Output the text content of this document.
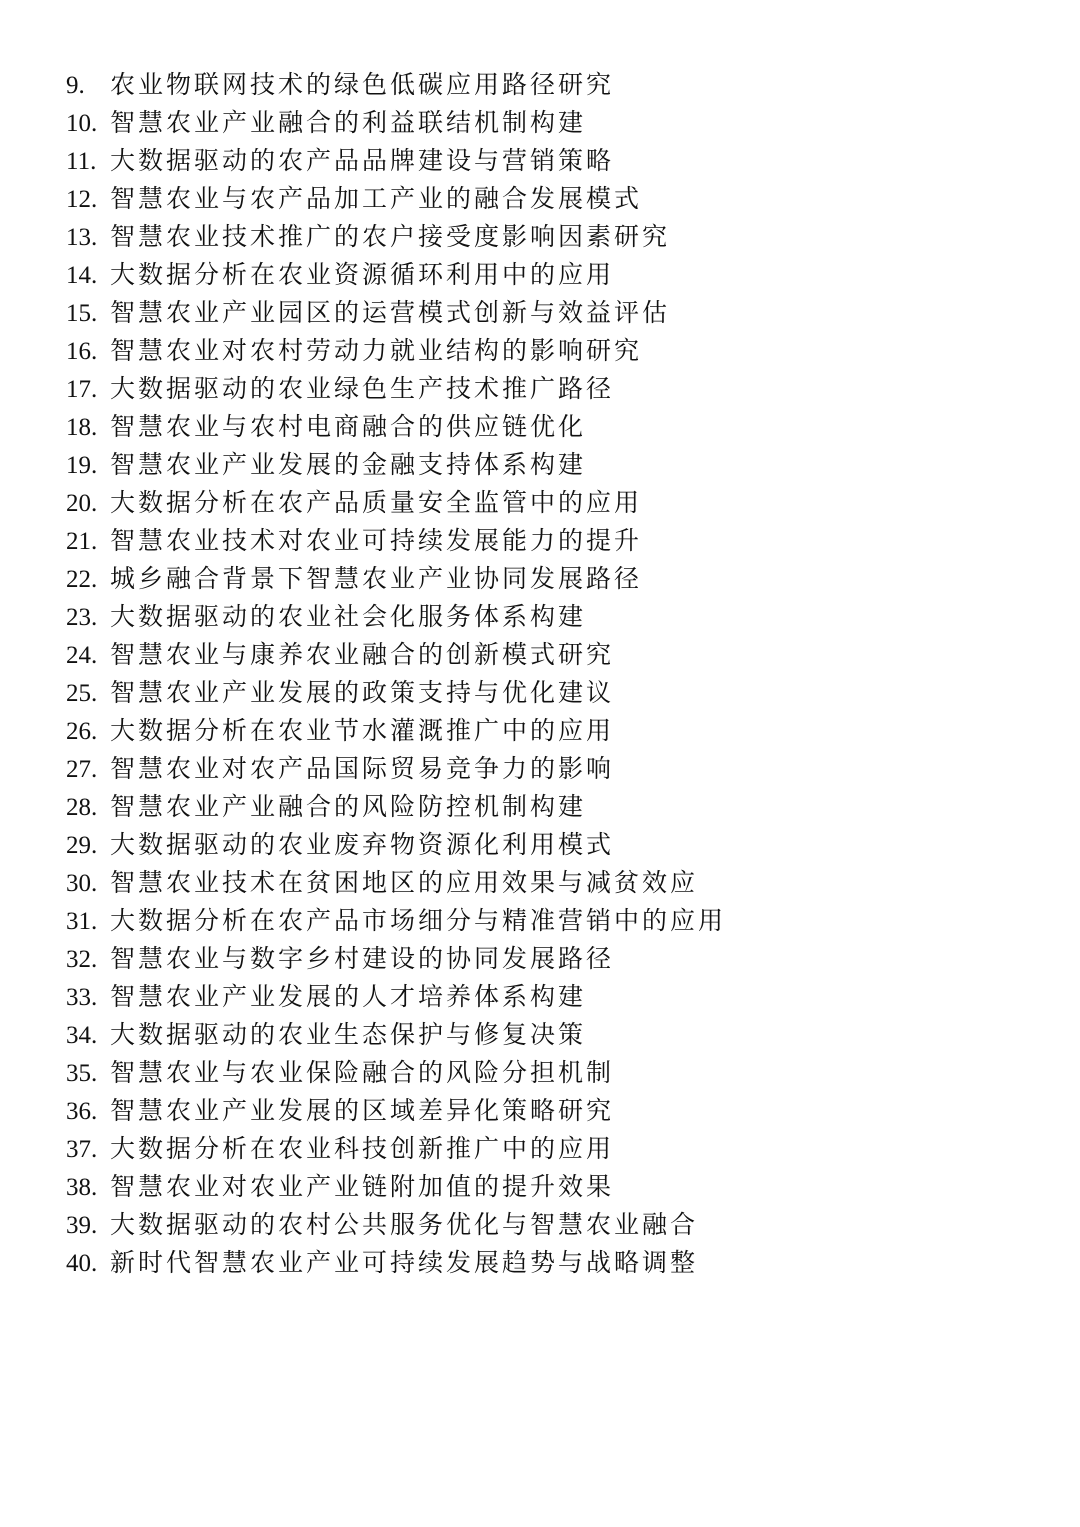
9.	农业物联网技术的绿色低碳应用路径研究
10. 智慧农业产业融合的利益联结机制构建
11. 大数据驱动的农产品品牌建设与营销策略
12. 智慧农业与农产品加工产业的融合发展模式
13. 智慧农业技术推广的农户接受度影响因素研究
14. 大数据分析在农业资源循环利用中的应用
15. 智慧农业产业园区的运营模式创新与效益评估
16. 智慧农业对农村劳动力就业结构的影响研究
17. 大数据驱动的农业绿色生产技术推广路径
18. 智慧农业与农村电商融合的供应链优化
19. 智慧农业产业发展的金融支持体系构建
20. 大数据分析在农产品质量安全监管中的应用
21. 智慧农业技术对农业可持续发展能力的提升
22. 城乡融合背景下智慧农业产业协同发展路径
23. 大数据驱动的农业社会化服务体系构建
24. 智慧农业与康养农业融合的创新模式研究
25. 智慧农业产业发展的政策支持与优化建议
26. 大数据分析在农业节水灌溉推广中的应用
27. 智慧农业对农产品国际贸易竞争力的影响
28. 智慧农业产业融合的风险防控机制构建
29. 大数据驱动的农业废弃物资源化利用模式
30. 智慧农业技术在贫困地区的应用效果与减贫效应
31. 大数据分析在农产品市场细分与精准营销中的应用
32. 智慧农业与数字乡村建设的协同发展路径
33. 智慧农业产业发展的人才培养体系构建
34. 大数据驱动的农业生态保护与修复决策
35. 智慧农业与农业保险融合的风险分担机制
36. 智慧农业产业发展的区域差异化策略研究
37. 大数据分析在农业科技创新推广中的应用
38. 智慧农业对农业产业链附加值的提升效果
39. 大数据驱动的农村公共服务优化与智慧农业融合
40. 新时代智慧农业产业可持续发展趋势与战略调整
